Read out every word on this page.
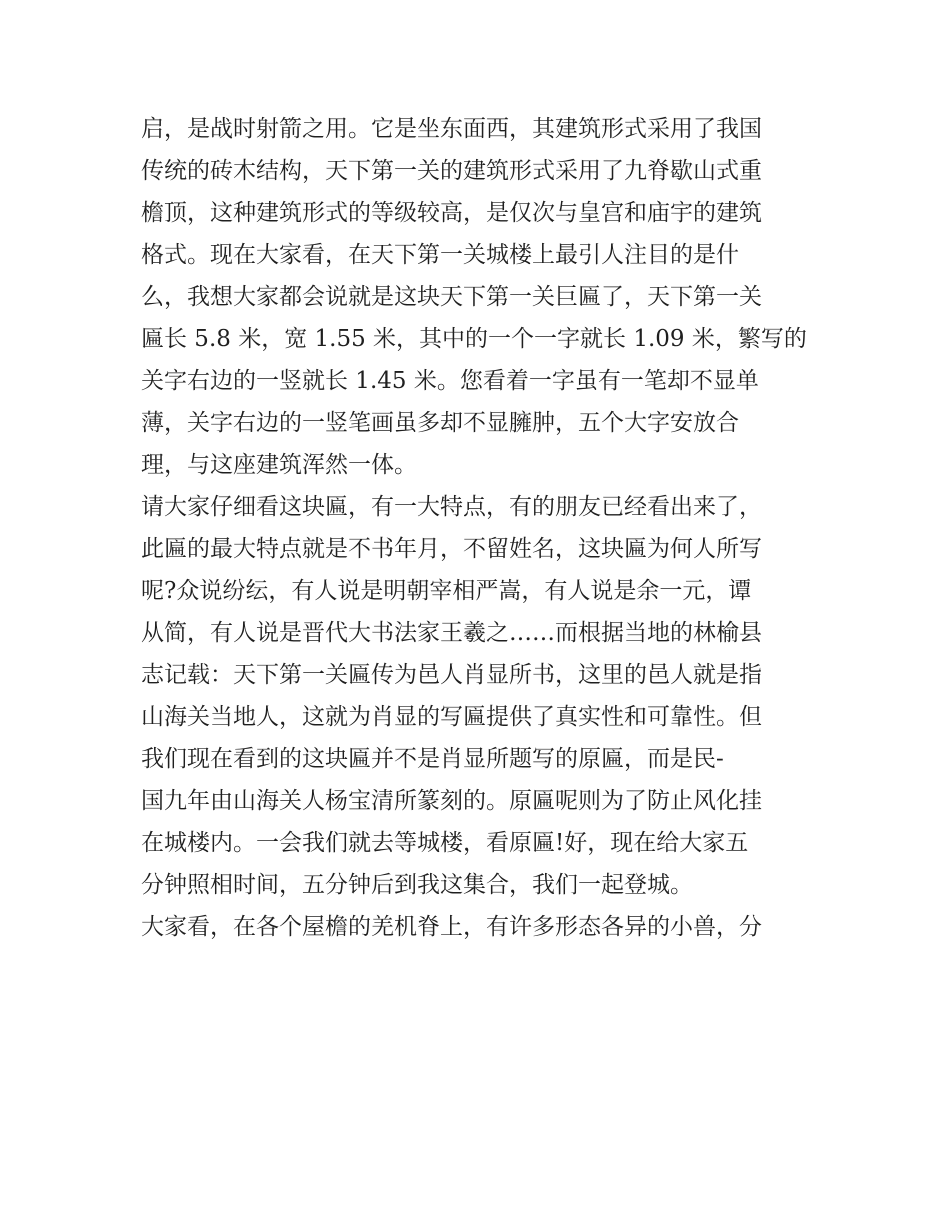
启，是战时射箭之用。它是坐东面西，其建筑形式采用了我国

传统的砖木结构，天下第一关的建筑形式采用了九脊歇山式重

檐顶，这种建筑形式的等级较高，是仅次与皇宫和庙宇的建筑

格式。现在大家看，在天下第一关城楼上最引人注目的是什

么，我想大家都会说就是这块天下第一关巨匾了，天下第一关

匾长 5.8 米，宽 1.55 米，其中的一个一字就长 1.09 米，繁写的

关字右边的一竖就长 1.45 米。您看着一字虽有一笔却不显单

薄，关字右边的一竖笔画虽多却不显臃肿，五个大字安放合

理，与这座建筑浑然一体。

请大家仔细看这块匾，有一大特点，有的朋友已经看出来了，

此匾的最大特点就是不书年月，不留姓名，这块匾为何人所写

呢?众说纷纭，有人说是明朝宰相严嵩，有人说是余一元，谭

从简，有人说是晋代大书法家王羲之……而根据当地的林榆县

志记载：天下第一关匾传为邑人肖显所书，这里的邑人就是指

山海关当地人，这就为肖显的写匾提供了真实性和可靠性。但

我们现在看到的这块匾并不是肖显所题写的原匾，而是民-

国九年由山海关人杨宝清所篆刻的。原匾呢则为了防止风化挂

在城楼内。一会我们就去等城楼，看原匾!好，现在给大家五

分钟照相时间，五分钟后到我这集合，我们一起登城。

大家看，在各个屋檐的羌机脊上，有许多形态各异的小兽，分
